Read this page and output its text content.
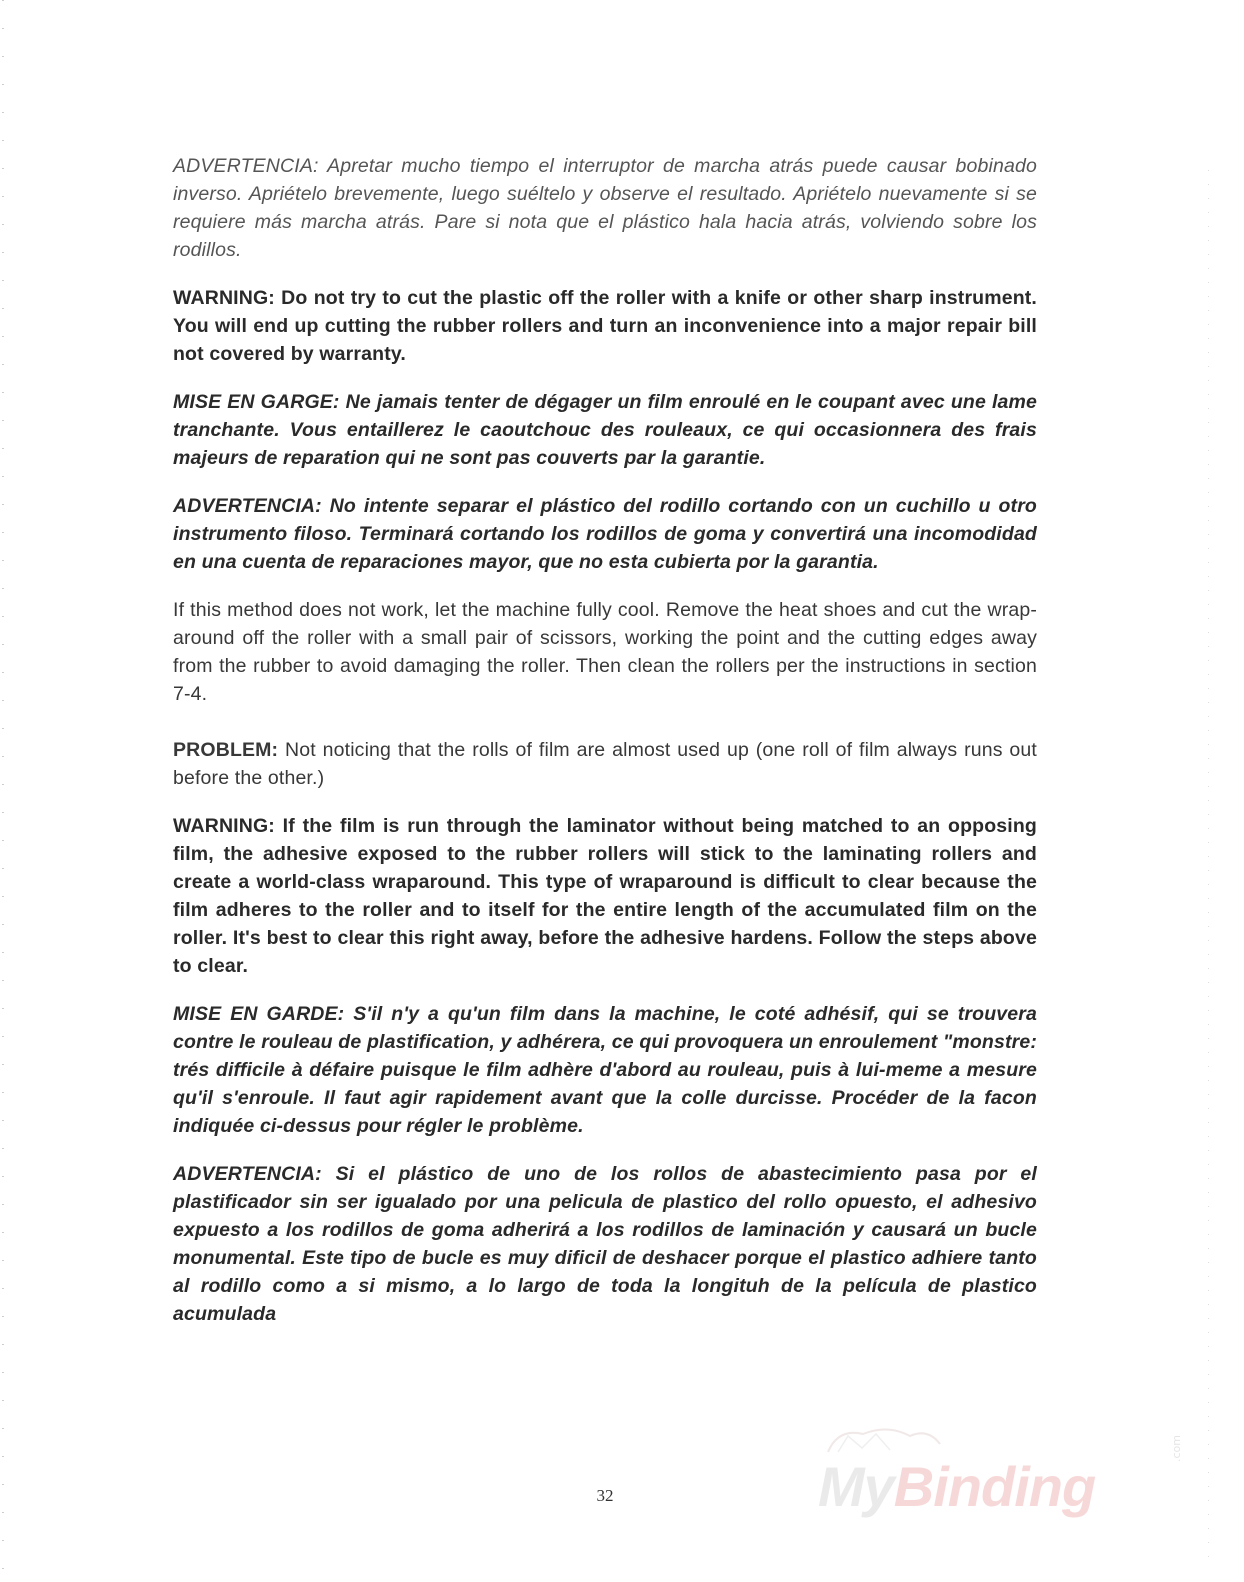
ADVERTENCIA: Apretar mucho tiempo el interruptor de marcha atrás puede causar bobinado inverso. Apriételo brevemente, luego suéltelo y observe el resultado. Apriételo nuevamente si se requiere más marcha atrás. Pare si nota que el plástico hala hacia atrás, volviendo sobre los rodillos.

WARNING: Do not try to cut the plastic off the roller with a knife or other sharp instrument. You will end up cutting the rubber rollers and turn an inconvenience into a major repair bill not covered by warranty.

MISE EN GARGE: Ne jamais tenter de dégager un film enroulé en le coupant avec une lame tranchante. Vous entaillerez le caoutchouc des rouleaux, ce qui occasionnera des frais majeurs de reparation qui ne sont pas couverts par la garantie.

ADVERTENCIA: No intente separar el plástico del rodillo cortando con un cuchillo u otro instrumento filoso. Terminará cortando los rodillos de goma y convertirá una incomodidad en una cuenta de reparaciones mayor, que no esta cubierta por la garantia.

If this method does not work, let the machine fully cool. Remove the heat shoes and cut the wrap-around off the roller with a small pair of scissors, working the point and the cutting edges away from the rubber to avoid damaging the roller. Then clean the rollers per the instructions in section 7-4.

PROBLEM: Not noticing that the rolls of film are almost used up (one roll of film always runs out before the other.)

WARNING: If the film is run through the laminator without being matched to an opposing film, the adhesive exposed to the rubber rollers will stick to the laminating rollers and create a world-class wraparound. This type of wraparound is difficult to clear because the film adheres to the roller and to itself for the entire length of the accumulated film on the roller. It's best to clear this right away, before the adhesive hardens. Follow the steps above to clear.

MISE EN GARDE: S'il n'y a qu'un film dans la machine, le coté adhésif, qui se trouvera contre le rouleau de plastification, y adhérera, ce qui provoquera un enroulement "monstre: trés difficile à défaire puisque le film adhère d'abord au rouleau, puis à lui-meme a mesure qu'il s'enroule. Il faut agir rapidement avant que la colle durcisse. Procéder de la facon indiquée ci-dessus pour régler le problème.

ADVERTENCIA: Si el plástico de uno de los rollos de abastecimiento pasa por el plastificador sin ser igualado por una pelicula de plastico del rollo opuesto, el adhesivo expuesto a los rodillos de goma adherirá a los rodillos de laminación y causará un bucle monumental. Este tipo de bucle es muy dificil de deshacer porque el plastico adhiere tanto al rodillo como a si mismo, a lo largo de toda la longituh de la película de plastico acumulada

MyBinding
.com
32
